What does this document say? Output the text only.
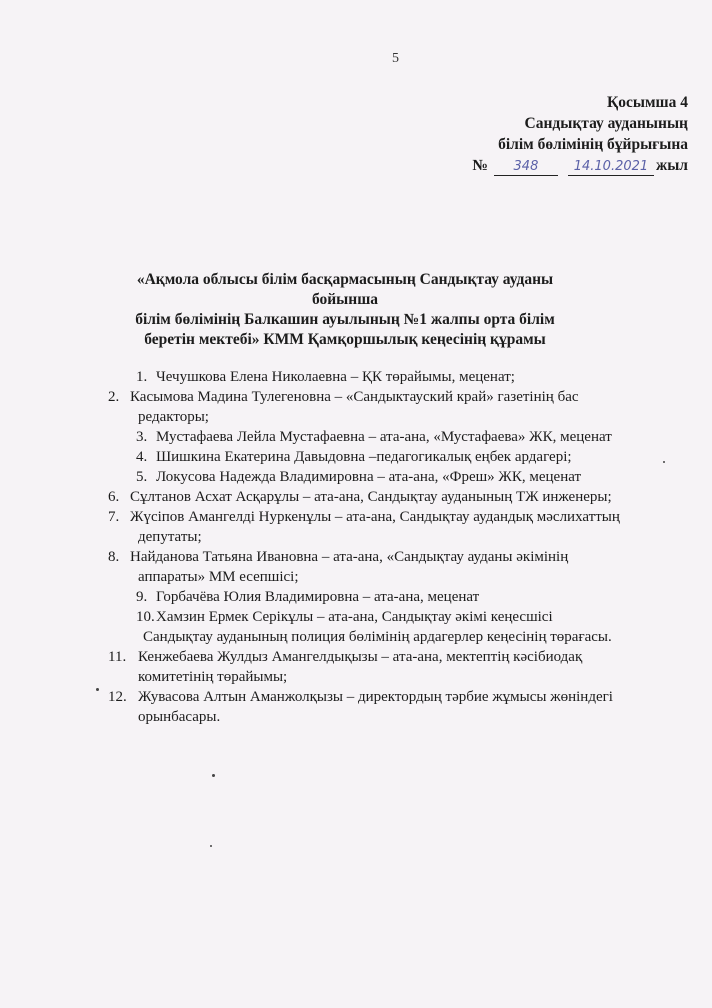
5
Қосымша 4
Сандықтау ауданының
білім бөлімінің бұйрығына
№ 348	14.10.2021 жыл
«Ақмола облысы білім басқармасының Сандықтау ауданы бойынша
білім бөлімінің Балкашин ауылының №1 жалпы орта білім
беретін мектебі» КММ Қамқоршылық кеңесінің құрамы
1. Чечушкова Елена Николаевна – ҚК төрайымы, меценат;
2. Касымова Мадина Тулегеновна – «Сандыктауский край» газетінің бас
редакторы;
3. Мустафаева Лейла Мустафаевна – ата-ана, «Мустафаева» ЖК, меценат
4. Шишкина Екатерина Давыдовна –педагогикалық еңбек ардагері;
5. Локусова Надежда Владимировна – ата-ана, «Фреш» ЖК, меценат
6. Сұлтанов Асхат Асқарұлы – ата-ана, Сандықтау ауданының ТЖ инженеры;
7. Жүсіпов Амангелді Нуркенұлы – ата-ана, Сандықтау аудандық мәслихаттың
депутаты;
8. Найданова Татьяна Ивановна – ата-ана, «Сандықтау ауданы әкімінің
аппараты» ММ есепшісі;
9. Горбачёва Юлия Владимировна – ата-ана, меценат
10.Хамзин Ермек Серікұлы – ата-ана, Сандықтау әкімі кеңесшісі
Сандықтау ауданының полиция бөлімінің ардагерлер кеңесінің төрағасы.
11. Кенжебаева Жулдыз Амангелдықызы – ата-ана, мектептің кәсібиодақ
комитетінің төрайымы;
12. Жувасова Алтын Аманжолқызы – директордың тәрбие жұмысы жөніндегі
орынбасары.
